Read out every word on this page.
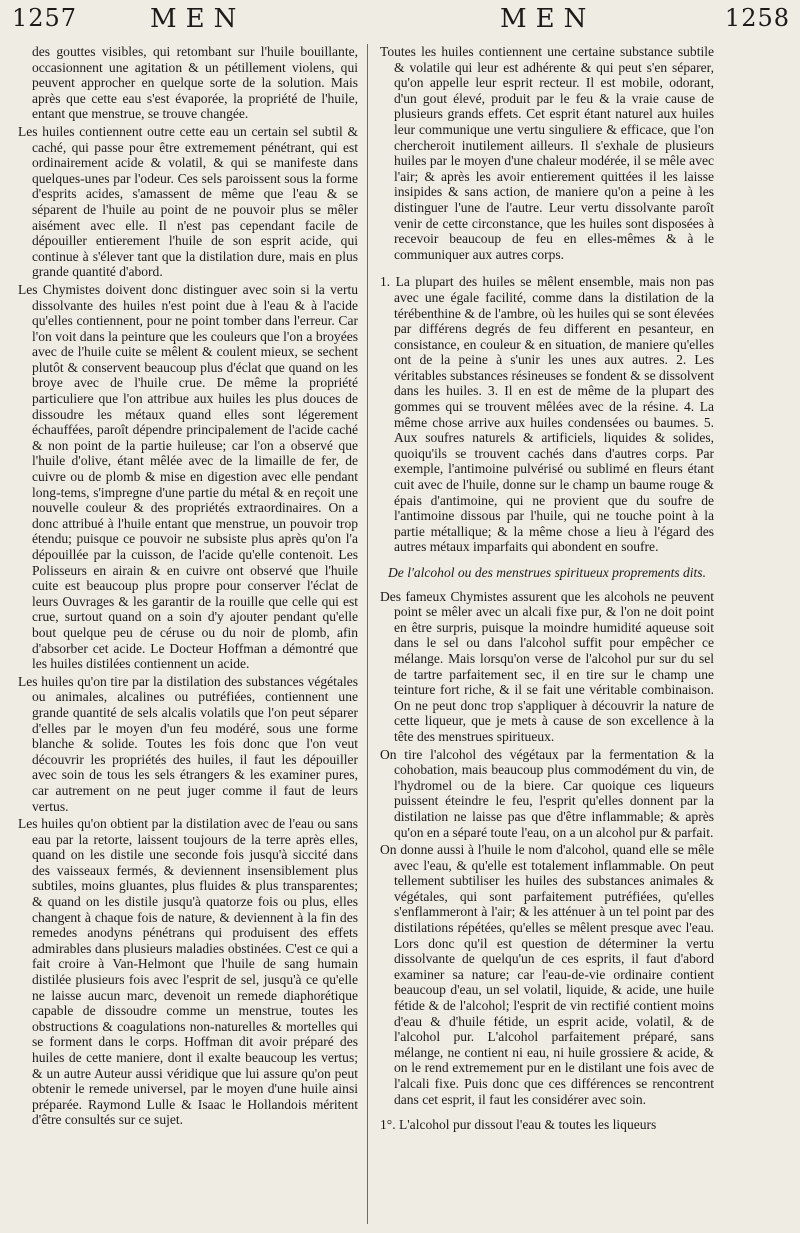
1257	MEN	MEN	1258

des gouttes visibles, qui retombant sur l'huile bouillante, occasionnent une agitation & un pétillement violens, qui peuvent approcher en quelque sorte de la solution. Mais après que cette eau s'est évaporée, la propriété de l'huile, entant que menstrue, se trouve changée.

Les huiles contiennent outre cette eau un certain sel subtil & caché, qui passe pour être extremement pénétrant, qui est ordinairement acide & volatil, & qui se manifeste dans quelques-unes par l'odeur. Ces sels paroissent sous la forme d'esprits acides, s'amassent de même que l'eau & se séparent de l'huile au point de ne pouvoir plus se mêler aisément avec elle. Il n'est pas cependant facile de dépouiller entierement l'huile de son esprit acide, qui continue à s'élever tant que la distilation dure, mais en plus grande quantité d'abord.

Les Chymistes doivent donc distinguer avec soin si la vertu dissolvante des huiles n'est point due à l'eau & à l'acide qu'elles contiennent, pour ne point tomber dans l'erreur. Car l'on voit dans la peinture que les couleurs que l'on a broyées avec de l'huile cuite se mêlent & coulent mieux, se sechent plutôt & conservent beaucoup plus d'éclat que quand on les broye avec de l'huile crue. De même la propriété particuliere que l'on attribue aux huiles les plus douces de dissoudre les métaux quand elles sont légerement échauffées, paroît dépendre principalement de l'acide caché & non point de la partie huileuse; car l'on a observé que l'huile d'olive, étant mêlée avec de la limaille de fer, de cuivre ou de plomb & mise en digestion avec elle pendant long-tems, s'impregne d'une partie du métal & en reçoit une nouvelle couleur & des propriétés extraordinaires. On a donc attribué à l'huile entant que menstrue, un pouvoir trop étendu; puisque ce pouvoir ne subsiste plus après qu'on l'a dépouillée par la cuisson, de l'acide qu'elle contenoit. Les Polisseurs en airain & en cuivre ont observé que l'huile cuite est beaucoup plus propre pour conserver l'éclat de leurs Ouvrages & les garantir de la rouille que celle qui est crue, surtout quand on a soin d'y ajouter pendant qu'elle bout quelque peu de céruse ou du noir de plomb, afin d'absorber cet acide. Le Docteur Hoffman a démontré que les huiles distilées contiennent un acide.

Les huiles qu'on tire par la distilation des substances végétales ou animales, alcalines ou putréfiées, contiennent une grande quantité de sels alcalis volatils que l'on peut séparer d'elles par le moyen d'un feu modéré, sous une forme blanche & solide. Toutes les fois donc que l'on veut découvrir les propriétés des huiles, il faut les dépouiller avec soin de tous les sels étrangers & les examiner pures, car autrement on ne peut juger comme il faut de leurs vertus.

Les huiles qu'on obtient par la distilation avec de l'eau ou sans eau par la retorte, laissent toujours de la terre après elles, quand on les distile une seconde fois jusqu'à siccité dans des vaisseaux fermés, & deviennent insensiblement plus subtiles, moins gluantes, plus fluides & plus transparentes; & quand on les distile jusqu'à quatorze fois ou plus, elles changent à chaque fois de nature, & deviennent à la fin des remedes anodyns pénétrans qui produisent des effets admirables dans plusieurs maladies obstinées. C'est ce qui a fait croire à Van-Helmont que l'huile de sang humain distilée plusieurs fois avec l'esprit de sel, jusqu'à ce qu'elle ne laisse aucun marc, devenoit un remede diaphorétique capable de dissoudre comme un menstrue, toutes les obstructions & coagulations non-naturelles & mortelles qui se forment dans le corps. Hoffman dit avoir préparé des huiles de cette maniere, dont il exalte beaucoup les vertus; & un autre Auteur aussi véridique que lui assure qu'on peut obtenir le remede universel, par le moyen d'une huile ainsi préparée. Raymond Lulle & Isaac le Hollandois méritent d'être consultés sur ce sujet.

Toutes les huiles contiennent une certaine substance subtile & volatile qui leur est adhérente & qui peut s'en séparer, qu'on appelle leur esprit recteur. Il est mobile, odorant, d'un gout élevé, produit par le feu & la vraie cause de plusieurs grands effets. Cet esprit étant naturel aux huiles leur communique une vertu singuliere & efficace, que l'on chercheroit inutilement ailleurs. Il s'exhale de plusieurs huiles par le moyen d'une chaleur modérée, il se mêle avec l'air; & après les avoir entierement quittées il les laisse insipides & sans action, de maniere qu'on a peine à les distinguer l'une de l'autre. Leur vertu dissolvante paroît venir de cette circonstance, que les huiles sont disposées à recevoir beaucoup de feu en elles-mêmes & à le communiquer aux autres corps.

1. La plupart des huiles se mêlent ensemble, mais non pas avec une égale facilité, comme dans la distilation de la térébenthine & de l'ambre, où les huiles qui se sont élevées par différens degrés de feu different en pesanteur, en consistance, en couleur & en situation, de maniere qu'elles ont de la peine à s'unir les unes aux autres. 2. Les véritables substances résineuses se fondent & se dissolvent dans les huiles. 3. Il en est de même de la plupart des gommes qui se trouvent mêlées avec de la résine. 4. La même chose arrive aux huiles condensées ou baumes. 5. Aux soufres naturels & artificiels, liquides & solides, quoiqu'ils se trouvent cachés dans d'autres corps. Par exemple, l'antimoine pulvérisé ou sublimé en fleurs étant cuit avec de l'huile, donne sur le champ un baume rouge & épais d'antimoine, qui ne provient que du soufre de l'antimoine dissous par l'huile, qui ne touche point à la partie métallique; & la même chose a lieu à l'égard des autres métaux imparfaits qui abondent en soufre.

De l'alcohol ou des menstrues spiritueux proprements dits.

Des fameux Chymistes assurent que les alcohols ne peuvent point se mêler avec un alcali fixe pur, & l'on ne doit point en être surpris, puisque la moindre humidité aqueuse soit dans le sel ou dans l'alcohol suffit pour empêcher ce mélange. Mais lorsqu'on verse de l'alcohol pur sur du sel de tartre parfaitement sec, il en tire sur le champ une teinture fort riche, & il se fait une véritable combinaison. On ne peut donc trop s'appliquer à découvrir la nature de cette liqueur, que je mets à cause de son excellence à la tête des menstrues spiritueux.

On tire l'alcohol des végétaux par la fermentation & la cohobation, mais beaucoup plus commodément du vin, de l'hydromel ou de la biere. Car quoique ces liqueurs puissent éteindre le feu, l'esprit qu'elles donnent par la distilation ne laisse pas que d'être inflammable; & après qu'on en a séparé toute l'eau, on a un alcohol pur & parfait.

On donne aussi à l'huile le nom d'alcohol, quand elle se mêle avec l'eau, & qu'elle est totalement inflammable. On peut tellement subtiliser les huiles des substances animales & végétales, qui sont parfaitement putréfiées, qu'elles s'enflammeront à l'air; & les atténuer à un tel point par des distilations répétées, qu'elles se mêlent presque avec l'eau. Lors donc qu'il est question de déterminer la vertu dissolvante de quelqu'un de ces esprits, il faut d'abord examiner sa nature; car l'eau-de-vie ordinaire contient beaucoup d'eau, un sel volatil, liquide, & acide, une huile fétide & de l'alcohol; l'esprit de vin rectifié contient moins d'eau & d'huile fétide, un esprit acide, volatil, & de l'alcohol pur. L'alcohol parfaitement préparé, sans mélange, ne contient ni eau, ni huile grossiere & acide, & on le rend extremement pur en le distilant une fois avec de l'alcali fixe. Puis donc que ces différences se rencontrent dans cet esprit, il faut les considérer avec soin.

1°. L'alcohol pur dissout l'eau & toutes les liqueurs
